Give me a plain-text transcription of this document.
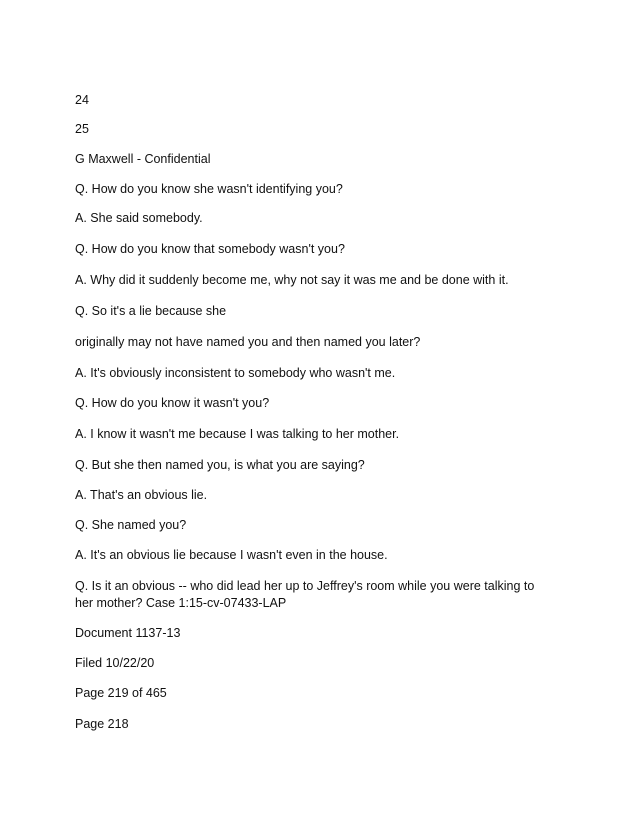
24
25
G Maxwell - Confidential
Q. How do you know she wasn't identifying you?
A. She said somebody.
Q. How do you know that somebody wasn't you?
A. Why did it suddenly become me, why not say it was me and be done with it.
Q. So it's a lie because she
originally may not have named you and then named you later?
A. It's obviously inconsistent to somebody who wasn't me.
Q. How do you know it wasn't you?
A. I know it wasn't me because I was talking to her mother.
Q. But she then named you, is what you are saying?
A. That's an obvious lie.
Q. She named you?
A. It's an obvious lie because I wasn't even in the house.
Q. Is it an obvious -- who did lead her up to Jeffrey's room while you were talking to her mother? Case 1:15-cv-07433-LAP
Document 1137-13
Filed 10/22/20
Page 219 of 465
Page 218
